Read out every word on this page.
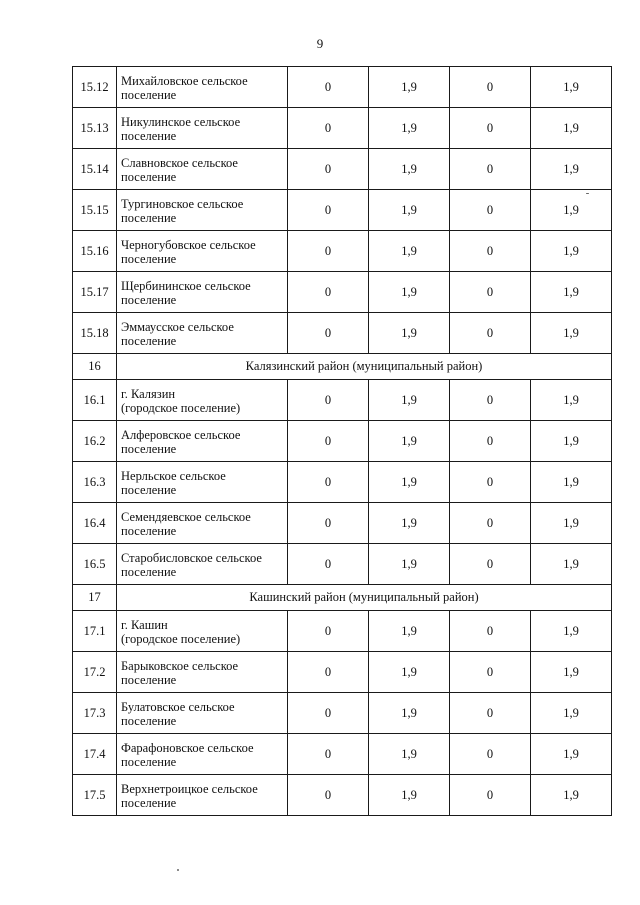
9
15.12	Михайловское сельское
поселение	0	1,9	0	1,9
15.13	Никулинское сельское
поселение	0	1,9	0	1,9
15.14	Славновское сельское
поселение	0	1,9	0	1,9
15.15	Тургиновское сельское
поселение	0	1,9	0	1,9
15.16	Черногубовское сельское
поселение	0	1,9	0	1,9
15.17	Щербининское сельское
поселение	0	1,9	0	1,9
15.18	Эммаусское сельское
поселение	0	1,9	0	1,9
16	Калязинский район (муниципальный район)				
16.1	г. Калязин
(городское поселение)	0	1,9	0	1,9
16.2	Алферовское сельское
поселение	0	1,9	0	1,9
16.3	Нерльское сельское
поселение	0	1,9	0	1,9
16.4	Семендяевское сельское
поселение	0	1,9	0	1,9
16.5	Старобисловское сельское
поселение	0	1,9	0	1,9
17	Кашинский район (муниципальный район)				
17.1	г. Кашин
(городское поселение)	0	1,9	0	1,9
17.2	Барыковское сельское
поселение	0	1,9	0	1,9
17.3	Булатовское сельское
поселение	0	1,9	0	1,9
17.4	Фарафоновское сельское
поселение	0	1,9	0	1,9
17.5	Верхнетроицкое сельское
поселение	0	1,9	0	1,9
